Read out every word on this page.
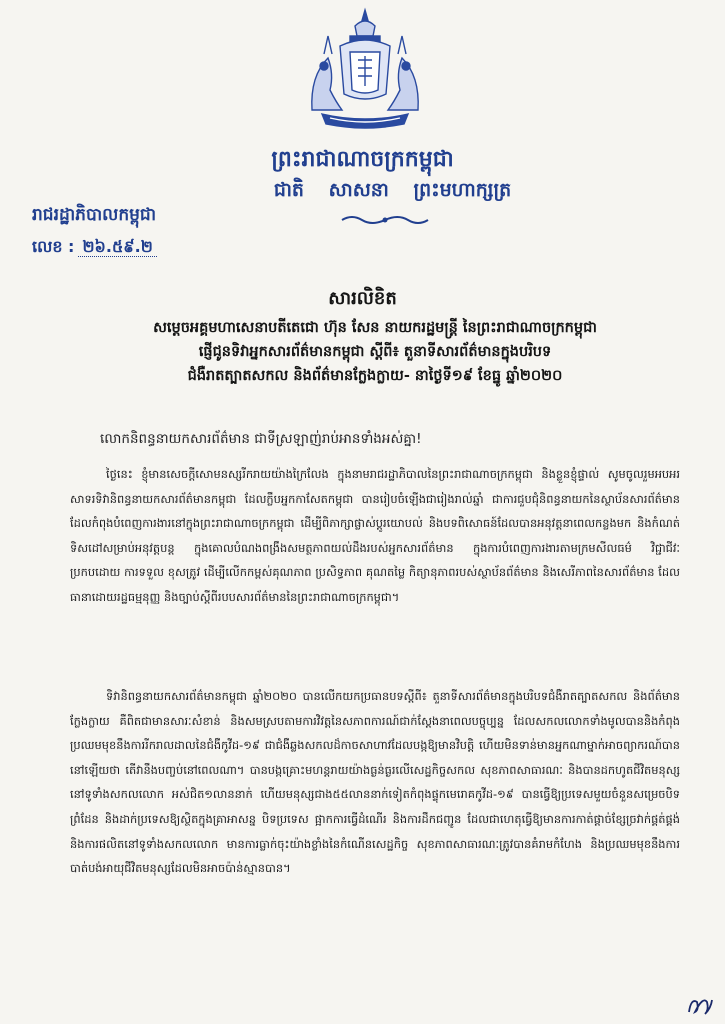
ព្រះរាជាណាចក្រកម្ពុជា
ជាតិ សាសនា ព្រះមហាក្សត្រ
រាជរដ្ឋាភិបាលកម្ពុជា
លេខ : ២៦.៥៩.២
សារលិខិត
សម្តេចអគ្គមហាសេនាបតីតេជោ ហ៊ុន សែន នាយករដ្ឋមន្ត្រី នៃព្រះរាជាណាចក្រកម្ពុជា
ផ្ញើជូនទិវាអ្នកសារព័ត៌មានកម្ពុជា ស្តីពី៖ តួនាទីសារព័ត៌មានក្នុងបរិបទ
ជំងឺរាតត្បាតសកល និងព័ត៌មានក្លែងក្លាយ- នាថ្ងៃទី១៩ ខែធ្នូ ឆ្នាំ២០២០
លោកនិពន្ធនាយកសារព័ត៌មាន ជាទីស្រឡាញ់រាប់អានទាំងអស់គ្នា!
ថ្ងៃនេះ ខ្ញុំមានសេចក្តីសោមនស្សរីករាយយ៉ាងក្រៃលែង ក្នុងនាមរាជរដ្ឋាភិបាលនៃព្រះរាជាណាចក្រកម្ពុជា និងខ្លួនខ្ញុំផ្ទាល់ សូមចូលរួមអបអរសាទរទិវានិពន្ធនាយកសារព័ត៌មានកម្ពុជា ដែលក្លឹបអ្នកកាសែតកម្ពុជា បានរៀបចំឡើងជារៀងរាល់ឆ្នាំ ជាការជួបជុំនិពន្ធនាយកនៃស្ថាប័នសារព័ត៌មាន ដែលកំពុងបំពេញការងារនៅក្នុងព្រះរាជាណាចក្រកម្ពុជា ដើម្បីពិភាក្សាផ្លាស់ប្តូរយោបល់ និងបទពិសោធន៍ដែលបានអនុវត្តនាពេលកន្លងមក និងកំណត់ទិសដៅសម្រាប់អនុវត្តបន្ត ក្នុងគោលបំណងពង្រឹងសមត្ថភាពយល់ដឹងរបស់អ្នកសារព័ត៌មាន ក្នុងការបំពេញការងារតាមក្រមសីលធម៌ វិជ្ជាជីវៈ ប្រកបដោយ ការទទួល ខុសត្រូវ ដើម្បីលើកកម្ពស់គុណភាព ប្រសិទ្ធភាព គុណតម្លៃ កិត្យានុភាពរបស់ស្ថាប័នព័ត៌មាន និងសេរីភាពនៃសារព័ត៌មាន ដែលធានាដោយរដ្ឋធម្មនុញ្ញ និងច្បាប់ស្តីពីរបបសារព័ត៌មាននៃព្រះរាជាណាចក្រកម្ពុជា។
ទិវានិពន្ធនាយកសារព័ត៌មានកម្ពុជា ឆ្នាំ២០២០ បានលើកយកប្រធានបទស្តីពី៖ តួនាទីសារព័ត៌មានក្នុងបរិបទជំងឺរាតត្បាតសកល និងព័ត៌មានក្លែងក្លាយ គឺពិតជាមានសារៈសំខាន់ និងសមស្របតាមការវិវត្តនៃសភាពការណ៍ជាក់ស្តែងនាពេលបច្ចុប្បន្ន ដែលសកលលោកទាំងមូលបាននិងកំពុងប្រឈមមុខនឹងការរីករាលដាលនៃជំងឺកូវីដ-១៩ ជាជំងឺឆ្លងសកលដ៏កាចសាហាវដែលបង្កឱ្យមានវិបត្តិ ហើយមិនទាន់មានអ្នកណាម្នាក់អាចព្យាករណ៍បាននៅឡើយថា តើវានឹងបញ្ចប់នៅពេលណា។ បានបង្កគ្រោះមហន្តរាយយ៉ាងធ្ងន់ធ្ងរលើសេដ្ឋកិច្ចសកល សុខភាពសាធារណៈ និងបានដកហូតជីវិតមនុស្សនៅទូទាំងសកលលោក អស់ជិត១លាននាក់ ហើយមនុស្សជាង៥៥លាននាក់ទៀតកំពុងផ្ទុកមេរោគកូវីដ-១៩ បានធ្វើឱ្យប្រទេសមួយចំនួនសម្រេចបិទព្រំដែន និងដាក់ប្រទេសឱ្យស្ថិតក្នុងគ្រាអាសន្ន បិទប្រទេស ផ្អាកការធ្វើដំណើរ និងការដឹកជញ្ជូន ដែលជាហេតុធ្វើឱ្យមានការកាត់ផ្តាច់ខ្សែច្រវាក់ផ្គត់ផ្គង់ និងការផលិតនៅទូទាំងសកលលោក មានការធ្លាក់ចុះយ៉ាងខ្លាំងនៃកំណើនសេដ្ឋកិច្ច សុខភាពសាធារណៈត្រូវបានគំរាមកំហែង និងប្រឈមមុខនឹងការបាត់បង់អាយុជីវិតមនុស្សដែលមិនអាចប៉ាន់ស្មានបាន។
